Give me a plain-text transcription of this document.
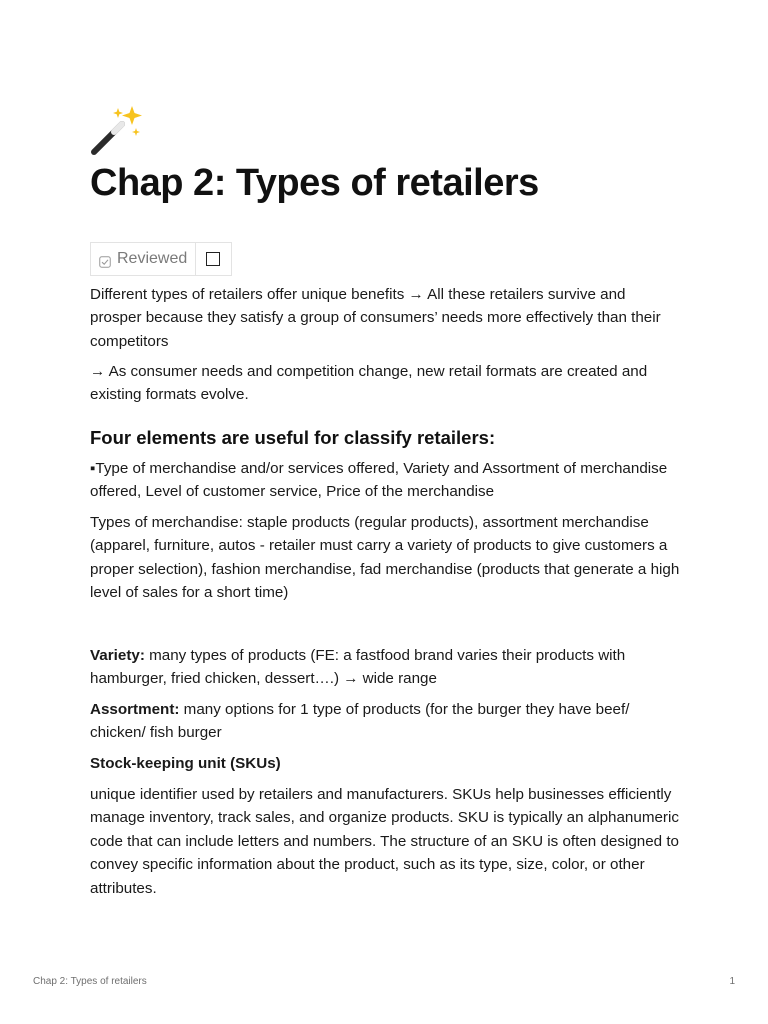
Chap 2: Types of retailers
Reviewed

Different types of retailers offer unique benefits → All these retailers survive and prosper because they satisfy a group of consumers’ needs more effectively than their competitors

→ As consumer needs and competition change, new retail formats are created and existing formats evolve.

Four elements are useful for classify retailers:

▪Type of merchandise and/or services offered, Variety and Assortment of merchandise offered, Level of customer service, Price of the merchandise

Types of merchandise: staple products (regular products), assortment merchandise (apparel, furniture, autos - retailer must carry a variety of products to give customers a proper selection), fashion merchandise, fad merchandise (products that generate a high level of sales for a short time)

Variety: many types of products (FE: a fastfood brand varies their products with hamburger, fried chicken, dessert….) → wide range

Assortment: many options for 1 type of products (for the burger they have beef/ chicken/ fish burger

Stock-keeping unit (SKUs)

unique identifier used by retailers and manufacturers. SKUs help businesses efficiently manage inventory, track sales, and organize products. SKU is typically an alphanumeric code that can include letters and numbers. The structure of an SKU is often designed to convey specific information about the product, such as its type, size, color, or other attributes.

Chap 2: Types of retailers	1
